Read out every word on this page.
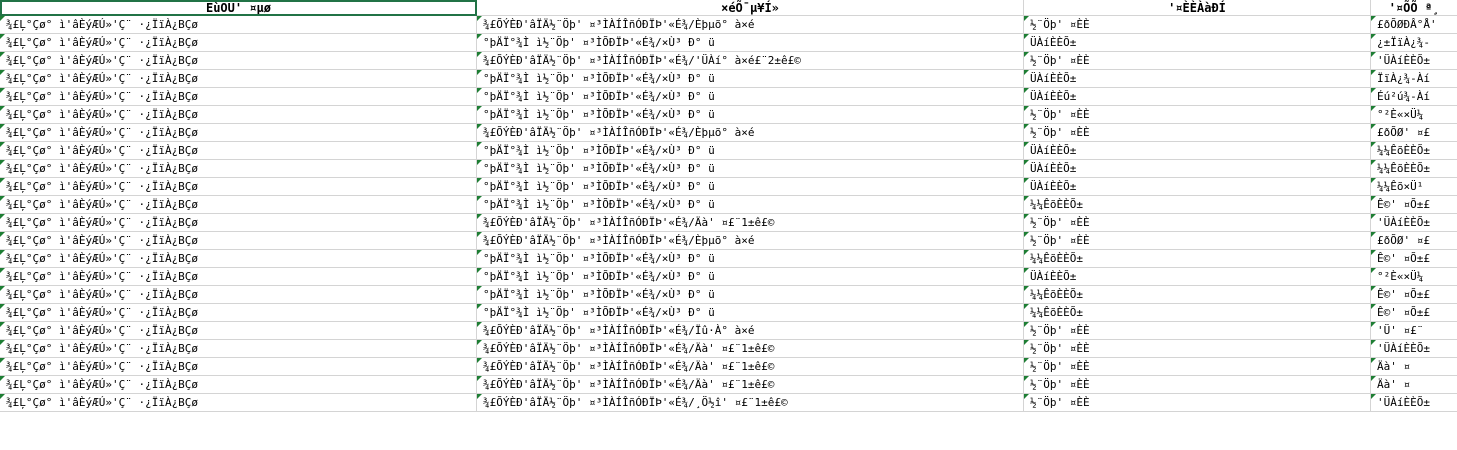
ÉùÕÚ' ¤µø	×éÕ¯µ¥Í»	'¤ÈÈÀàÐÍ	'¤ÕÕ ª¸
¾£Ļ°Çø° ì'âÈýÆÚ»'Ç¨ ·¿ÏïÀ¿BÇø	¾£ÕÝÈÐ'âÏÄ½¨Öþ' ¤³ÌÀÍÎñÓÐÏÞ'«É¾/Èþµõ° à×é	½¨Öþ' ¤ÈÈ	£ðÕØÐÂ°Å'
¾£Ļ°Çø° ì'âÈýÆÚ»'Ç¨ ·¿ÏïÀ¿BÇø	°þÄÏ°¾Ì ì½¨Öþ' ¤³ÌÕÐÏÞ'«É¾/×Ù³ Ð° ü	ÜÀíÈÈÕ±	¿±ÏïÀ¿¾-
¾£Ļ°Çø° ì'âÈýÆÚ»'Ç¨ ·¿ÏïÀ¿BÇø	¾£ÕÝÈÐ'âÏÄ½¨Öþ' ¤³ÌÀÍÎñÓÐÏÞ'«É¾/'ÜÀí° à×é£¨2±ê£©	½¨Öþ' ¤ÈÈ	'ÜÀíÈÈÕ±
¾£Ļ°Çø° ì'âÈýÆÚ»'Ç¨ ·¿ÏïÀ¿BÇø	°þÄÏ°¾Ì ì½¨Öþ' ¤³ÌÕÐÏÞ'«É¾/×Ù³ Ð° ü	ÜÀíÈÈÕ±	ÏïÀ¿¾-Àí
¾£Ļ°Çø° ì'âÈýÆÚ»'Ç¨ ·¿ÏïÀ¿BÇø	°þÄÏ°¾Ì ì½¨Öþ' ¤³ÌÕÐÏÞ'«É¾/×Ù³ Ð° ü	ÜÀíÈÈÕ±	Éú²ú¾-Àí
¾£Ļ°Çø° ì'âÈýÆÚ»'Ç¨ ·¿ÏïÀ¿BÇø	°þÄÏ°¾Ì ì½¨Öþ' ¤³ÌÕÐÏÞ'«É¾/×Ù³ Ð° ü	½¨Öþ' ¤ÈÈ	°²È«×Ü¼
¾£Ļ°Çø° ì'âÈýÆÚ»'Ç¨ ·¿ÏïÀ¿BÇø	¾£ÕÝÈÐ'âÏÄ½¨Öþ' ¤³ÌÀÍÎñÓÐÏÞ'«É¾/Èþµõ° à×é	½¨Öþ' ¤ÈÈ	£ðÕØ' ¤£
¾£Ļ°Çø° ì'âÈýÆÚ»'Ç¨ ·¿ÏïÀ¿BÇø	°þÄÏ°¾Ì ì½¨Öþ' ¤³ÌÕÐÏÞ'«É¾/×Ù³ Ð° ü	ÜÀíÈÈÕ±	¼¼ÊõÈÈÕ±
¾£Ļ°Çø° ì'âÈýÆÚ»'Ç¨ ·¿ÏïÀ¿BÇø	°þÄÏ°¾Ì ì½¨Öþ' ¤³ÌÕÐÏÞ'«É¾/×Ù³ Ð° ü	ÜÀíÈÈÕ±	¼¼ÊõÈÈÕ±
¾£Ļ°Çø° ì'âÈýÆÚ»'Ç¨ ·¿ÏïÀ¿BÇø	°þÄÏ°¾Ì ì½¨Öþ' ¤³ÌÕÐÏÞ'«É¾/×Ù³ Ð° ü	ÜÀíÈÈÕ±	¼¼Êõ×Ü¹
¾£Ļ°Çø° ì'âÈýÆÚ»'Ç¨ ·¿ÏïÀ¿BÇø	°þÄÏ°¾Ì ì½¨Öþ' ¤³ÌÕÐÏÞ'«É¾/×Ù³ Ð° ü	¼¼ÊõÈÈÕ±	Ê©' ¤Õ±£
¾£Ļ°Çø° ì'âÈýÆÚ»'Ç¨ ·¿ÏïÀ¿BÇø	¾£ÕÝÈÐ'âÏÄ½¨Öþ' ¤³ÌÀÍÎñÓÐÏÞ'«É¾/Äà' ¤£¨1±ê£©	½¨Öþ' ¤ÈÈ	'ÜÀíÈÈÕ±
¾£Ļ°Çø° ì'âÈýÆÚ»'Ç¨ ·¿ÏïÀ¿BÇø	¾£ÕÝÈÐ'âÏÄ½¨Öþ' ¤³ÌÀÍÎñÓÐÏÞ'«É¾/Èþµõ° à×é	½¨Öþ' ¤ÈÈ	£ðÕØ' ¤£
¾£Ļ°Çø° ì'âÈýÆÚ»'Ç¨ ·¿ÏïÀ¿BÇø	°þÄÏ°¾Ì ì½¨Öþ' ¤³ÌÕÐÏÞ'«É¾/×Ù³ Ð° ü	¼¼ÊõÈÈÕ±	Ê©' ¤Õ±£
¾£Ļ°Çø° ì'âÈýÆÚ»'Ç¨ ·¿ÏïÀ¿BÇø	°þÄÏ°¾Ì ì½¨Öþ' ¤³ÌÕÐÏÞ'«É¾/×Ù³ Ð° ü	ÜÀíÈÈÕ±	°²È«×Ü¼
¾£Ļ°Çø° ì'âÈýÆÚ»'Ç¨ ·¿ÏïÀ¿BÇø	°þÄÏ°¾Ì ì½¨Öþ' ¤³ÌÕÐÏÞ'«É¾/×Ù³ Ð° ü	¼¼ÊõÈÈÕ±	Ê©' ¤Õ±£
¾£Ļ°Çø° ì'âÈýÆÚ»'Ç¨ ·¿ÏïÀ¿BÇø	°þÄÏ°¾Ì ì½¨Öþ' ¤³ÌÕÐÏÞ'«É¾/×Ù³ Ð° ü	¼¼ÊõÈÈÕ±	Ê©' ¤Õ±£
¾£Ļ°Çø° ì'âÈýÆÚ»'Ç¨ ·¿ÏïÀ¿BÇø	¾£ÕÝÈÐ'âÏÄ½¨Öþ' ¤³ÌÀÍÎñÓÐÏÞ'«É¾/Ïû·À° à×é	½¨Öþ' ¤ÈÈ	'Ü' ¤£¨
¾£Ļ°Çø° ì'âÈýÆÚ»'Ç¨ ·¿ÏïÀ¿BÇø	¾£ÕÝÈÐ'âÏÄ½¨Öþ' ¤³ÌÀÍÎñÓÐÏÞ'«É¾/Äà' ¤£¨1±ê£©	½¨Öþ' ¤ÈÈ	'ÜÀíÈÈÕ±
¾£Ļ°Çø° ì'âÈýÆÚ»'Ç¨ ·¿ÏïÀ¿BÇø	¾£ÕÝÈÐ'âÏÄ½¨Öþ' ¤³ÌÀÍÎñÓÐÏÞ'«É¾/Äà' ¤£¨1±ê£©	½¨Öþ' ¤ÈÈ	Äà' ¤
¾£Ļ°Çø° ì'âÈýÆÚ»'Ç¨ ·¿ÏïÀ¿BÇø	¾£ÕÝÈÐ'âÏÄ½¨Öþ' ¤³ÌÀÍÎñÓÐÏÞ'«É¾/Äà' ¤£¨1±ê£©	½¨Öþ' ¤ÈÈ	Äà' ¤
¾£Ļ°Çø° ì'âÈýÆÚ»'Ç¨ ·¿ÏïÀ¿BÇø	¾£ÕÝÈÐ'âÏÄ½¨Öþ' ¤³ÌÀÍÎñÓÐÏÞ'«É¾/¸Ö½î' ¤£¨1±ê£©	½¨Öþ' ¤ÈÈ	'ÜÀíÈÈÕ±
